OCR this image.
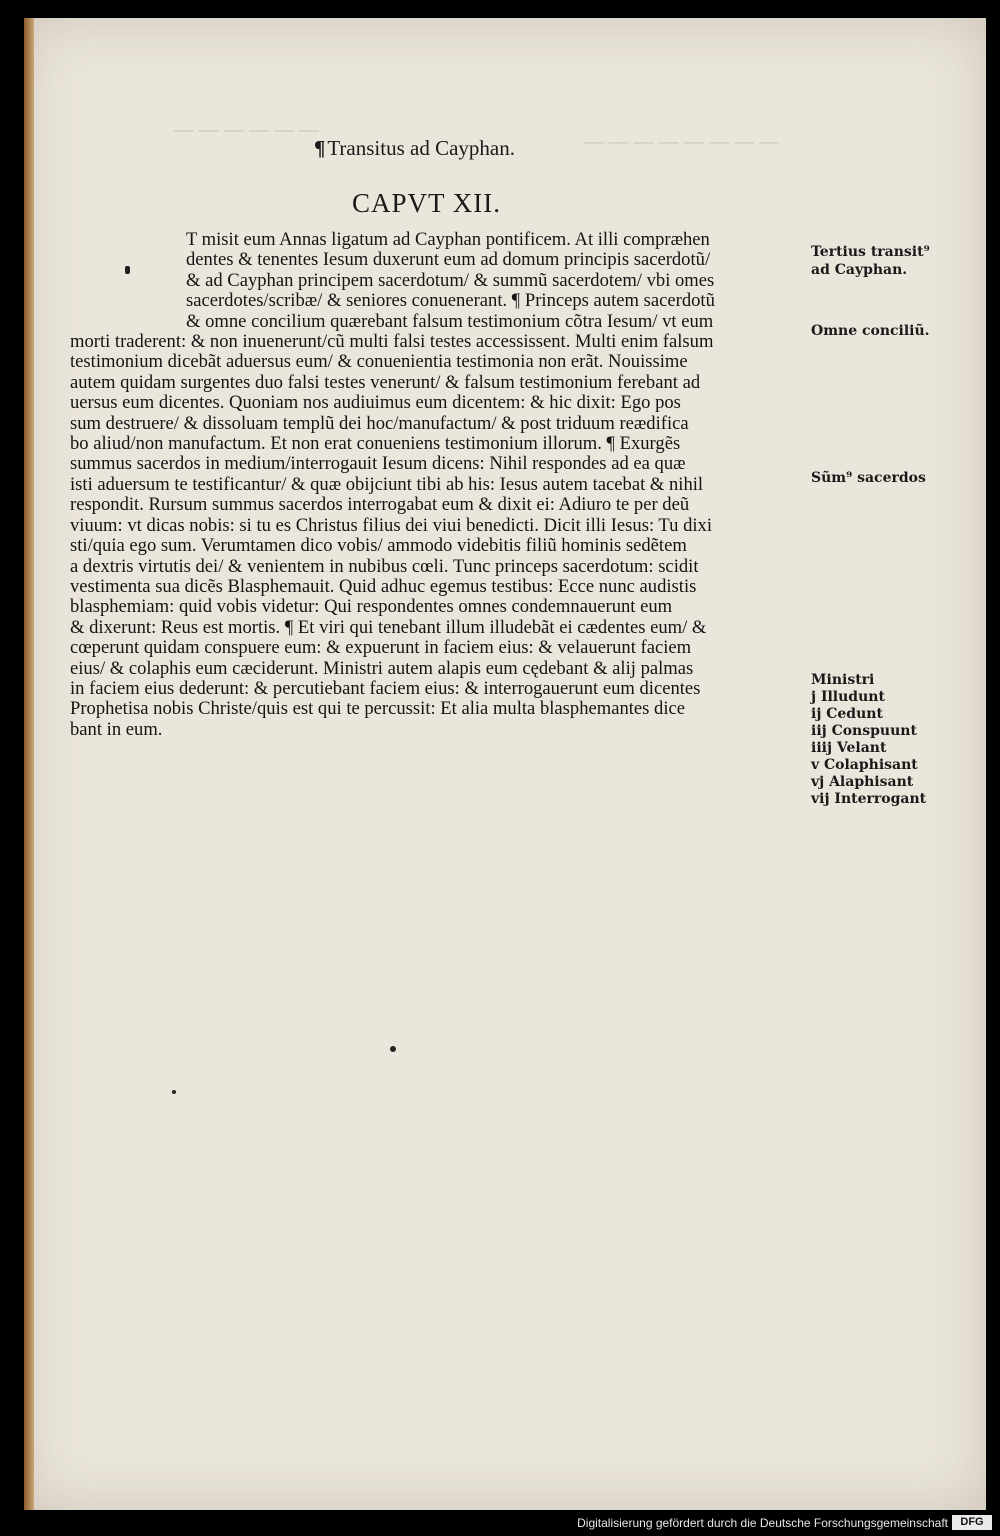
— — — — — —	— — — — — — — —
¶Transitus ad Cayphan.
CAPVT XII.
T misit eum Annas ligatum ad Cayphan pontificem. At illi compræhen
dentes & tenentes Iesum duxerunt eum ad domum principis sacerdotũ/
& ad Cayphan principem sacerdotum/ & summũ sacerdotem/ vbi omes
sacerdotes/scribæ/ & seniores conuenerant. ¶ Princeps autem sacerdotũ
& omne concilium quærebant falsum testimonium cõtra Iesum/ vt eum
morti traderent: & non inuenerunt/cũ multi falsi testes accessissent. Multi enim falsum
testimonium dicebãt aduersus eum/ & conuenientia testimonia non erãt. Nouissime
autem quidam surgentes duo falsi testes venerunt/ & falsum testimonium ferebant ad
uersus eum dicentes. Quoniam nos audiuimus eum dicentem: & hic dixit: Ego pos
sum destruere/ & dissoluam templũ dei hoc/manufactum/ & post triduum reædifica
bo aliud/non manufactum. Et non erat conueniens testimonium illorum. ¶ Exurgẽs
summus sacerdos in medium/interrogauit Iesum dicens: Nihil respondes ad ea quæ
isti aduersum te testificantur/ & quæ obijciunt tibi ab his: Iesus autem tacebat & nihil
respondit. Rursum summus sacerdos interrogabat eum & dixit ei: Adiuro te per deũ
viuum: vt dicas nobis: si tu es Christus filius dei viui benedicti. Dicit illi Iesus: Tu dixi
sti/quia ego sum. Verumtamen dico vobis/ ammodo videbitis filiũ hominis sedẽtem
a dextris virtutis dei/ & venientem in nubibus cœli. Tunc princeps sacerdotum: scidit
vestimenta sua dicẽs Blasphemauit. Quid adhuc egemus testibus: Ecce nunc audistis
blasphemiam: quid vobis videtur: Qui respondentes omnes condemnauerunt eum
& dixerunt: Reus est mortis. ¶ Et viri qui tenebant illum illudebãt ei cædentes eum/ &
cœperunt quidam conspuere eum: & expuerunt in faciem eius: & velauerunt faciem
eius/ & colaphis eum cæciderunt. Ministri autem alapis eum cędebant & alij palmas
in faciem eius dederunt: & percutiebant faciem eius: & interrogauerunt eum dicentes
Prophetisa nobis Christe/quis est qui te percussit: Et alia multa blasphemantes dice
bant in eum.
Tertius transit⁹
ad Cayphan.
Omne conciliũ.
Sũm⁹ sacerdos
Ministri
j Illudunt
ij Cedunt
iij Conspuunt
iiij Velant
v Colaphisant
vj Alaphisant
vij Interrogant
Digitalisierung gefördert durch die Deutsche Forschungsgemeinschaft	DFG
